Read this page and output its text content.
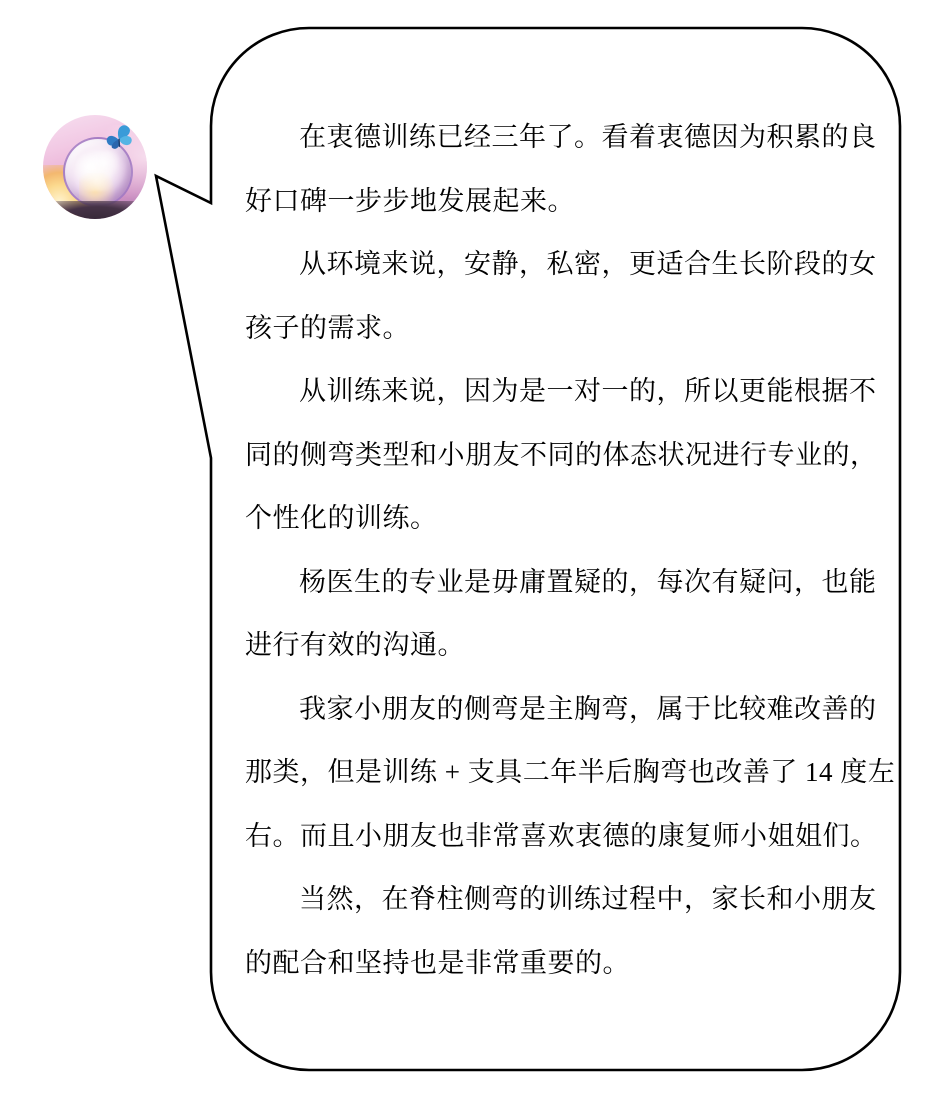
在衷德训练已经三年了。看着衷德因为积累的良
好口碑一步步地发展起来。
从环境来说，安静，私密，更适合生长阶段的女
孩子的需求。
从训练来说，因为是一对一的，所以更能根据不
同的侧弯类型和小朋友不同的体态状况进行专业的，
个性化的训练。
杨医生的专业是毋庸置疑的，每次有疑问，也能
进行有效的沟通。
我家小朋友的侧弯是主胸弯，属于比较难改善的
那类，但是训练 + 支具二年半后胸弯也改善了 14 度左
右。而且小朋友也非常喜欢衷德的康复师小姐姐们。
当然，在脊柱侧弯的训练过程中，家长和小朋友
的配合和坚持也是非常重要的。
